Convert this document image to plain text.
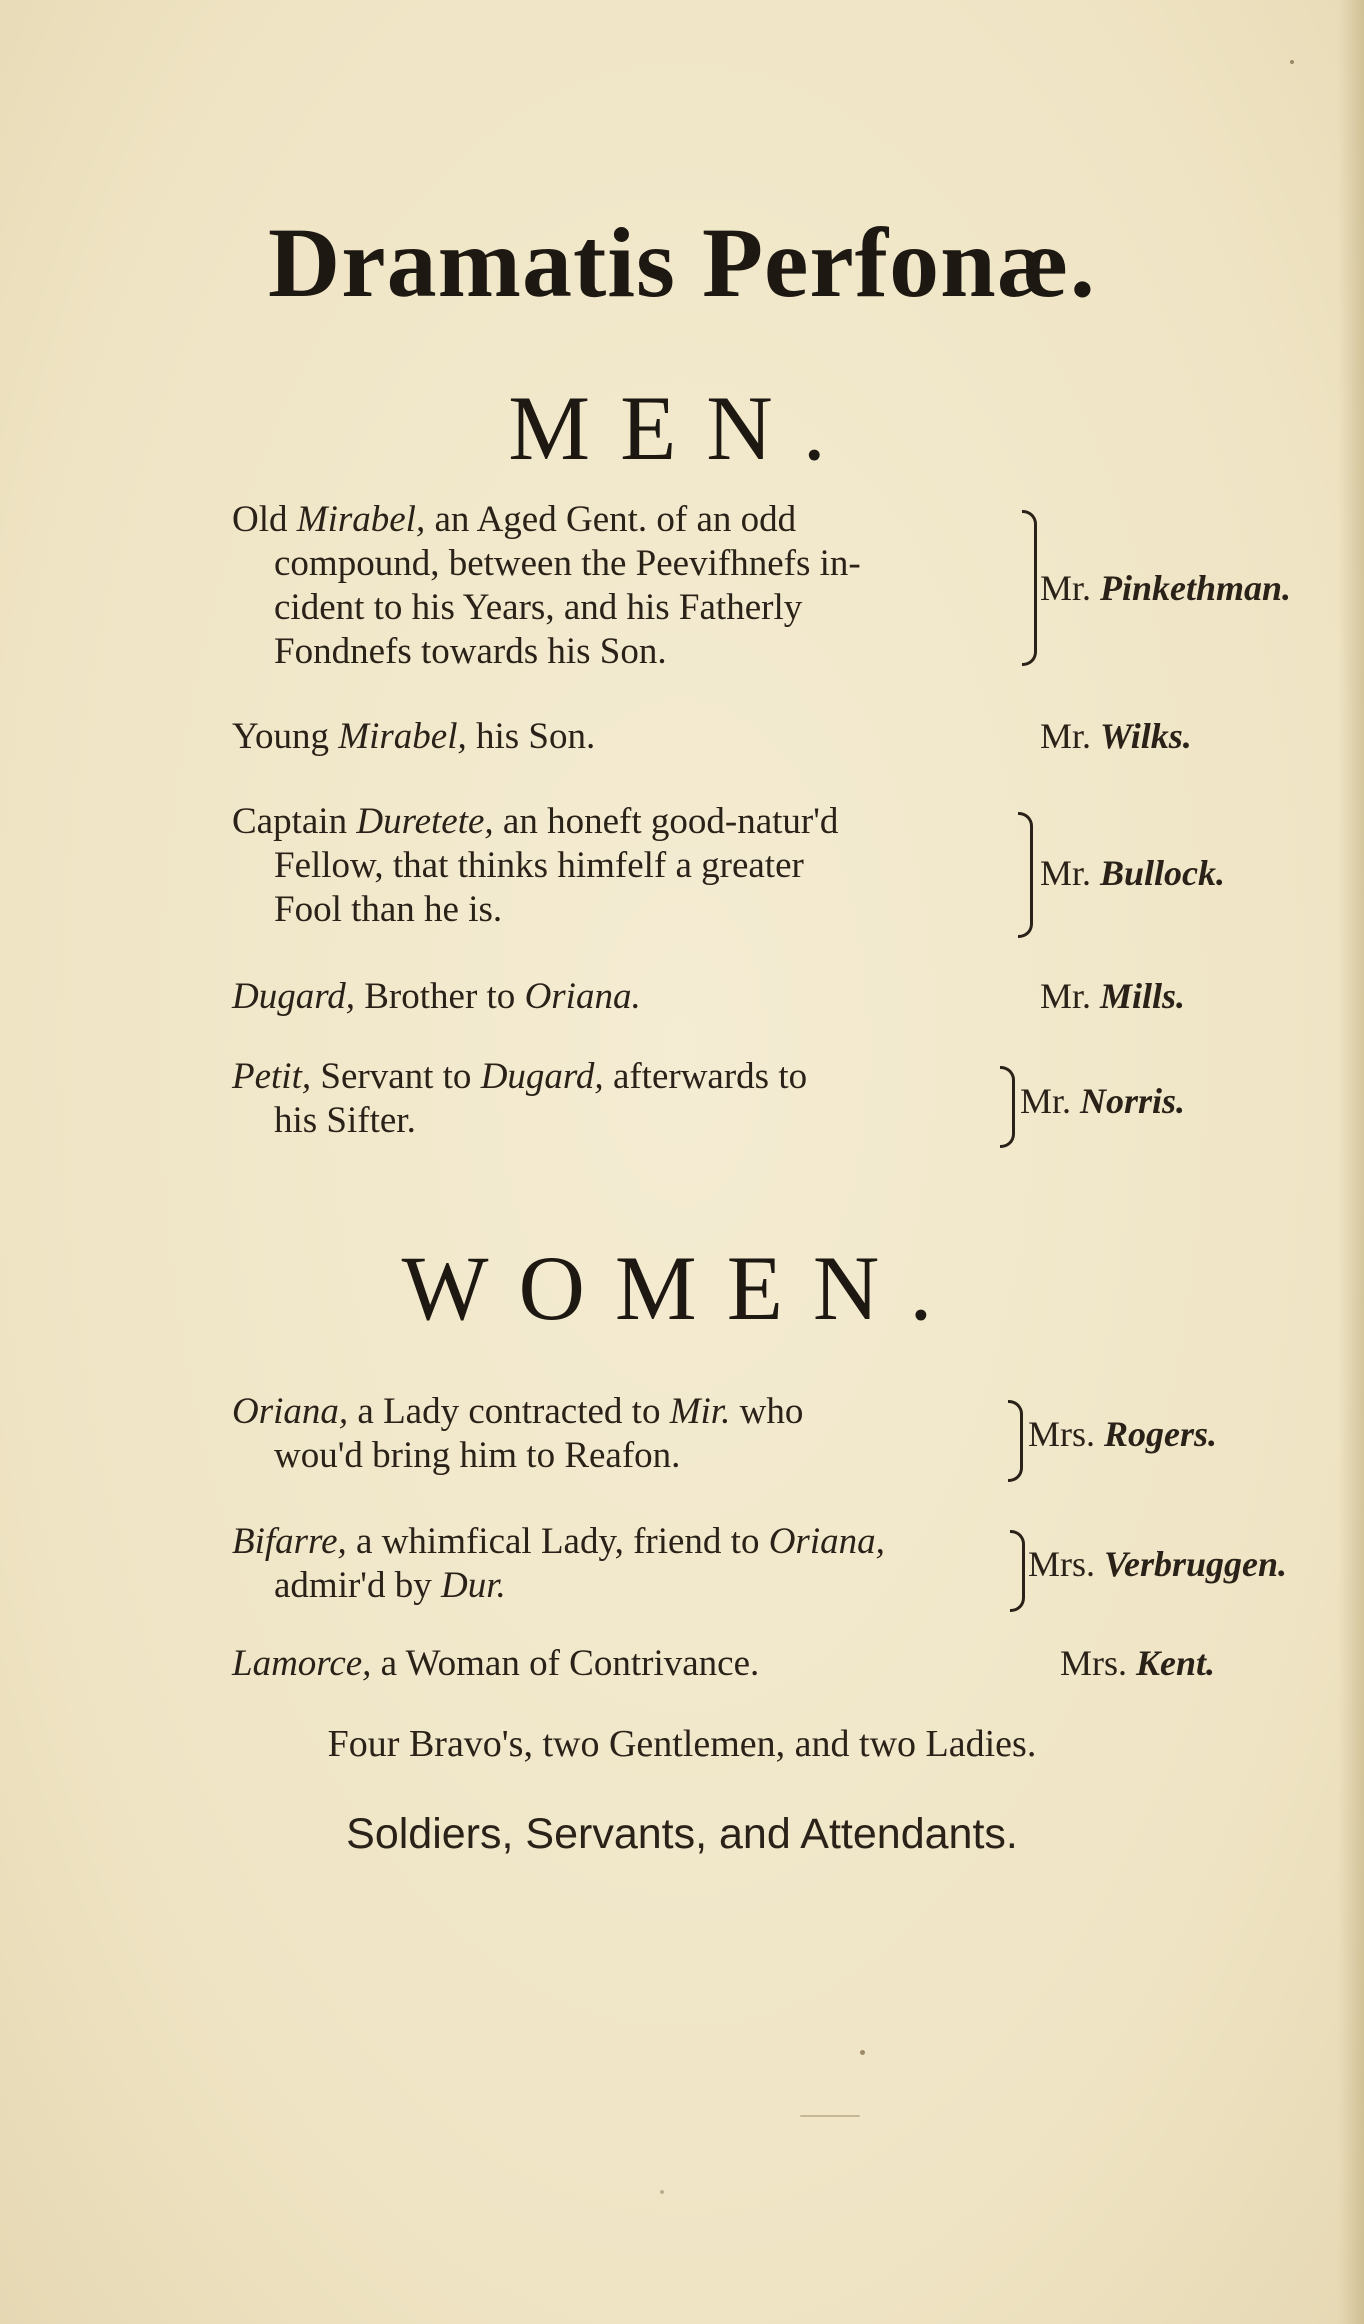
Dramatis Perfonæ.
MEN.
Old Mirabel, an Aged Gent. of an odd
compound, between the Peevifhnefs in-
cident to his Years, and his Fatherly
Fondnefs towards his Son.
Mr. Pinkethman.
Young Mirabel, his Son.	Mr. Wilks.
Captain Duretete, an honeft good-natur'd
Fellow, that thinks himfelf a greater
Fool than he is.
Mr. Bullock.
Dugard, Brother to Oriana.	Mr. Mills.
Petit, Servant to Dugard, afterwards to
his Sifter.	Mr. Norris.
WOMEN.
Oriana, a Lady contracted to Mir. who
wou'd bring him to Reafon.
Mrs. Rogers.
Bifarre, a whimfical Lady, friend to Oriana,
admir'd by Dur.
Mrs. Verbruggen.
Lamorce, a Woman of Contrivance.	Mrs. Kent.
Four Bravo's, two Gentlemen, and two Ladies.
Soldiers, Servants, and Attendants.
